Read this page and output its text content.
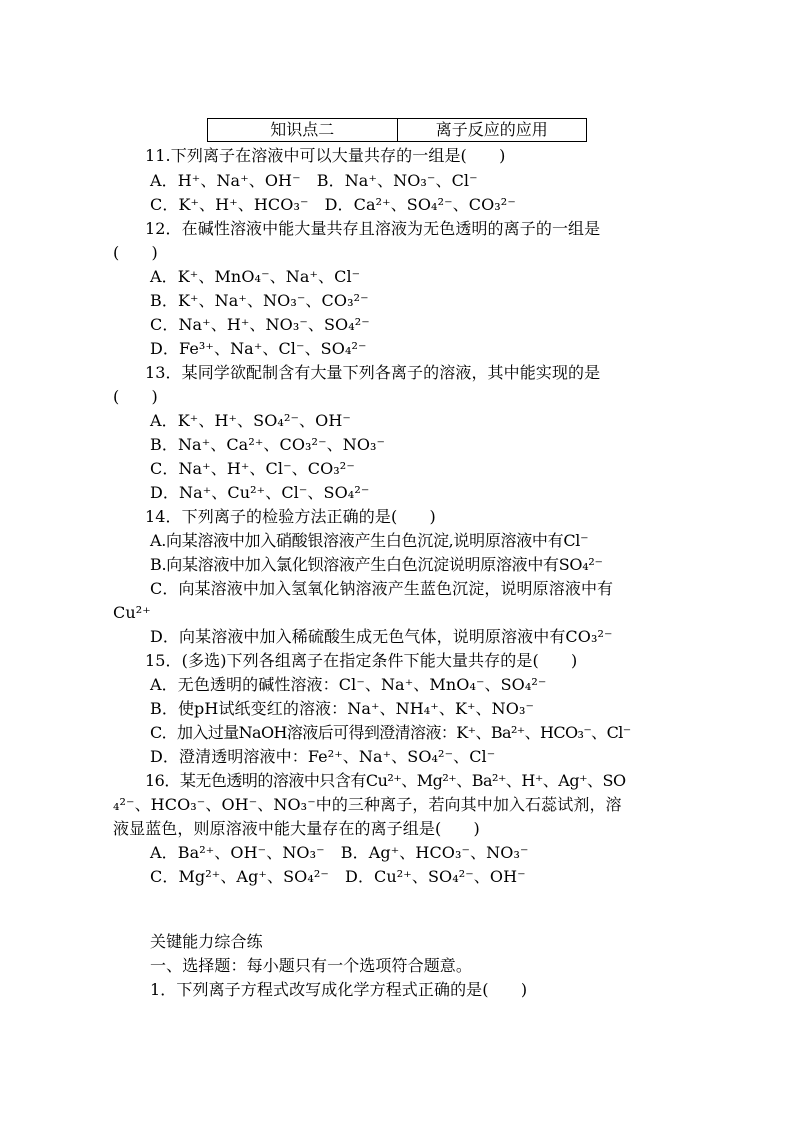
知识点二	离子反应的应用
11.下列离子在溶液中可以大量共存的一组是(　　)
A．H⁺、Na⁺、OH⁻　B．Na⁺、NO₃⁻、Cl⁻
C．K⁺、H⁺、HCO₃⁻　D．Ca²⁺、SO₄²⁻、CO₃²⁻
12．在碱性溶液中能大量共存且溶液为无色透明的离子的一组是
(　　)
A．K⁺、MnO₄⁻、Na⁺、Cl⁻
B．K⁺、Na⁺、NO₃⁻、CO₃²⁻
C．Na⁺、H⁺、NO₃⁻、SO₄²⁻
D．Fe³⁺、Na⁺、Cl⁻、SO₄²⁻
13．某同学欲配制含有大量下列各离子的溶液，其中能实现的是
(　　)
A．K⁺、H⁺、SO₄²⁻、OH⁻
B．Na⁺、Ca²⁺、CO₃²⁻、NO₃⁻
C．Na⁺、H⁺、Cl⁻、CO₃²⁻
D．Na⁺、Cu²⁺、Cl⁻、SO₄²⁻
14．下列离子的检验方法正确的是(　　)
A.向某溶液中加入硝酸银溶液产生白色沉淀,说明原溶液中有Cl⁻
B.向某溶液中加入氯化钡溶液产生白色沉淀说明原溶液中有SO₄²⁻
C．向某溶液中加入氢氧化钠溶液产生蓝色沉淀，说明原溶液中有
Cu²⁺
D．向某溶液中加入稀硫酸生成无色气体，说明原溶液中有CO₃²⁻
15．(多选)下列各组离子在指定条件下能大量共存的是(　　)
A．无色透明的碱性溶液：Cl⁻、Na⁺、MnO₄⁻、SO₄²⁻
B．使pH试纸变红的溶液：Na⁺、NH₄⁺、K⁺、NO₃⁻
C．加入过量NaOH溶液后可得到澄清溶液：K⁺、Ba²⁺、HCO₃⁻、Cl⁻
D．澄清透明溶液中：Fe²⁺、Na⁺、SO₄²⁻、Cl⁻
16．某无色透明的溶液中只含有Cu²⁺、Mg²⁺、Ba²⁺、H⁺、Ag⁺、SO
₄²⁻、HCO₃⁻、OH⁻、NO₃⁻中的三种离子，若向其中加入石蕊试剂，溶
液显蓝色，则原溶液中能大量存在的离子组是(　　)
A．Ba²⁺、OH⁻、NO₃⁻　B．Ag⁺、HCO₃⁻、NO₃⁻
C．Mg²⁺、Ag⁺、SO₄²⁻　D．Cu²⁺、SO₄²⁻、OH⁻
关键能力综合练
一、选择题：每小题只有一个选项符合题意。
1．下列离子方程式改写成化学方程式正确的是(　　)
